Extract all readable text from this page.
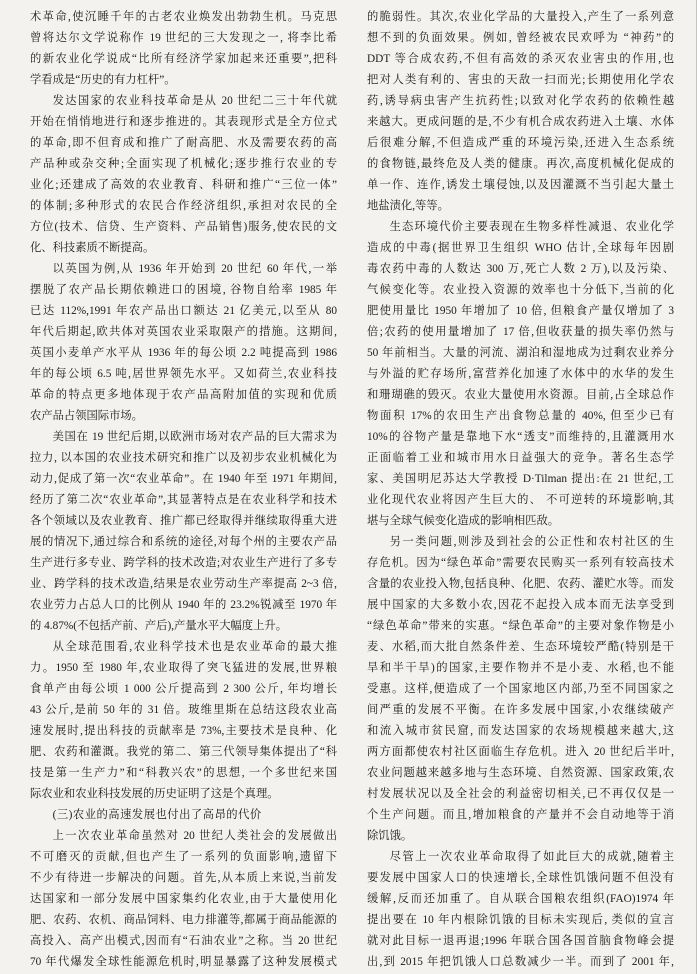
术革命,使沉睡千年的古老农业焕发出勃勃生机。马克思
曾将达尔文学说称作 19 世纪的三大发现之一, 将李比希
的新农业化学说成“比所有经济学家加起来还重要”,把科
学看成是“历史的有力杠杆”。
发达国家的农业科技革命是从 20 世纪二三十年代就
开始在悄悄地进行和逐步推进的。其表现形式是全方位式
的革命,即不但育成和推广了耐高肥、水及需要农药的高
产品种或杂交种;全面实现了机械化;逐步推行农业的专
业化;还建成了高效的农业教育、科研和推广“三位一体”
的体制;多种形式的农民合作经济组织,承担对农民的全
方位(技术、信贷、生产资料、产品销售)服务,使农民的文
化、科技素质不断提高。
以英国为例,从 1936 年开始到 20 世纪 60 年代,一举
摆脱了农产品长期依赖进口的困境, 谷物自给率 1985 年
已达 112%,1991 年农产品出口额达 21 亿美元,以至从 80
年代后期起,欧共体对英国农业采取限产的措施。这期间,
英国小麦单产水平从 1936 年的每公顷 2.2 吨提高到 1986
年的每公顷 6.5 吨,居世界领先水平。又如荷兰,农业科技
革命的特点更多地体现于农产品高附加值的实现和优质
农产品占领国际市场。
美国在 19 世纪后期,以欧洲市场对农产品的巨大需求为
拉力, 以本国的农业技术研究和推广以及初步农业机械化为
动力,促成了第一次“农业革命”。在 1940 年至 1971 年期间,
经历了第二次“农业革命”,其显著特点是在农业科学和技术
各个领域以及农业教育、推广都已经取得并继续取得重大进
展的情况下,通过综合和系统的途径,对每个州的主要农产品
生产进行多专业、跨学科的技术改造;对农业生产进行了多专
业、跨学科的技术改造,结果是农业劳动生产率提高 2~3 倍,
农业劳力占总人口的比例从 1940 年的 23.2%锐减至 1970 年
的 4.87%(不包括产前、产后),产量水平大幅度上升。
从全球范围看,农业科学技术也是农业革命的最大推
力。1950 至 1980 年,农业取得了突飞猛进的发展,世界粮
食单产由每公顷 1 000 公斤提高到 2 300 公斤, 年均增长
43 公斤,是前 50 年的 31 倍。玻维里斯在总结这段农业高
速发展时,提出科技的贡献率是 73%,主要技术是良种、化
肥、农药和灌溉。我党的第二、第三代领导集体提出了“科
技是第一生产力”和“科教兴农”的思想, 一个多世纪来国
际农业和农业科技发展的历史证明了这是个真理。
(三)农业的高速发展也付出了高昂的代价
上一次农业革命虽然对 20 世纪人类社会的发展做出
不可磨灭的贡献,但也产生了一系列的负面影响,遗留下
不少有待进一步解决的问题。首先,从本质上来说,当前发
达国家和一部分发展中国家集约化农业,由于大量使用化
肥、农药、农机、商品饲料、电力排灌等,都属于商品能源的
高投入、高产出模式,因而有“石油农业”之称。当 20 世纪
70 年代爆发全球性能源危机时,明显暴露了这种发展模式
的脆弱性。其次,农业化学品的大量投入,产生了一系列意
想不到的负面效果。例如, 曾经被农民欢呼为 “神药”的
DDT 等合成农药,不但有高效的杀灭农业害虫的作用,也
把对人类有利的、害虫的天敌一扫而光;长期使用化学农
药,诱导病虫害产生抗药性;以致对化学农药的依赖性越
来越大。更成问题的是,不少有机合成农药进入土壤、水体
后很难分解,不但造成严重的环境污染,还进入生态系统
的食物链,最终危及人类的健康。再次,高度机械化促成的
单一作、连作,诱发土壤侵蚀,以及因灌溉不当引起大量土
地盐渍化,等等。
生态环境代价主要表现在生物多样性减退、农业化学
造成的中毒(据世界卫生组织 WHO 估计,全球每年因剧
毒农药中毒的人数达 300 万,死亡人数 2 万),以及污染、
气候变化等。农业投入资源的效率也十分低下,当前的化
肥使用量比 1950 年增加了 10 倍, 但粮食产量仅增加了 3
倍;农药的使用量增加了 17 倍,但收获量的损失率仍然与
50 年前相当。大量的河流、湖泊和湿地成为过剩农业养分
与外溢的贮存场所,富营养化加速了水体中的水华的发生
和珊瑚礁的毁灭。农业大量使用水资源。目前,占全球总作
物面积 17%的农田生产出食物总量的 40%, 但至少已有
10%的谷物产量是靠地下水“透支”而维持的,且灌溉用水
正面临着工业和城市用水日益强大的竞争。著名生态学
家、美国明尼苏达大学教授 D·Tilman 提出:在 21 世纪,工
业化现代农业将因产生巨大的、 不可逆转的环境影响,其
堪与全球气候变化造成的影响相匹敌。
另一类问题,则涉及到社会的公正性和农村社区的生
存危机。因为“绿色革命”需要农民购买一系列有较高技术
含量的农业投入物,包括良种、化肥、农药、灌贮水等。而发
展中国家的大多数小农,因花不起投入成本而无法享受到
“绿色革命”带来的实惠。“绿色革命”的主要对象作物是小
麦、水稻,而大批自然条件差、生态环境较严酷(特别是干
旱和半干旱)的国家,主要作物并不是小麦、水稻,也不能
受惠。这样,便造成了一个国家地区内部,乃至不同国家之
间严重的发展不平衡。在许多发展中国家,小农继续破产
和流入城市贫民窟, 而发达国家的农场规模越来越大,这
两方面都使农村社区面临生存危机。进入 20 世纪后半叶,
农业问题越来越多地与生态环境、自然资源、国家政策,农
村发展状况以及全社会的利益密切相关,已不再仅仅是一
个生产问题。而且,增加粮食的产量并不会自动地等于消
除饥饿。
尽管上一次农业革命取得了如此巨大的成就,随着主
要发展中国家人口的快速增长,全球性饥饿问题不但没有
缓解,反而还加重了。自从联合国粮农组织(FAO)1974 年
提出要在 10 年内根除饥饿的目标未实现后, 类似的宣言
就对此目标一退再退;1996 年联合国各国首脑食物峰会提
出,到 2015 年把饥饿人口总数减少一半。而到了 2001 年,
